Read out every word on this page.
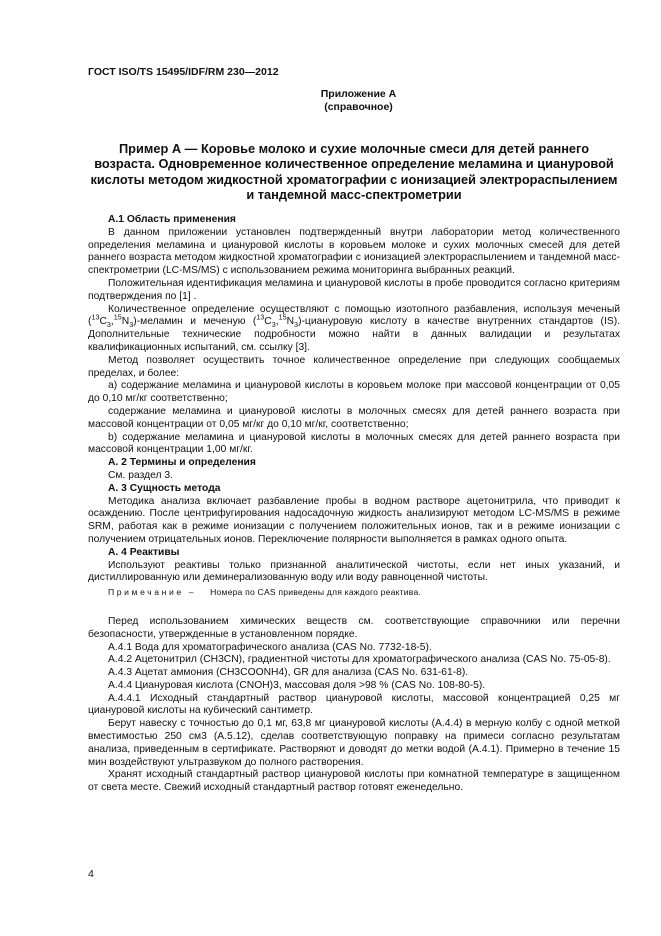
ГОСТ ISO/TS 15495/IDF/RM 230—2012
Приложение А
(справочное)
Пример А — Коровье молоко и сухие молочные смеси для детей раннего возраста. Одновременное количественное определение меламина и циануровой кислоты методом жидкостной хроматографии с ионизацией электрораспылением и тандемной масс-спектрометрии

А.1 Область применения

В данном приложении установлен подтвержденный внутри лаборатории метод количественного определения меламина и циануровой кислоты в коровьем молоке и сухих молочных смесей для детей раннего возраста методом жидкостной хроматографии с ионизацией электрораспылением и тандемной масс-спектрометрии (LC-MS/MS) с использованием режима мониторинга выбранных реакций.

Положительная идентификация меламина и циануровой кислоты в пробе проводится согласно критериям подтверждения по [1] .

Количественное определение осуществляют с помощью изотопного разбавления, используя меченый $(^{13}C_3,^{15}N_3)$-меламин и меченую $(^{13}C_3,^{15}N_3)$-циануровую кислоту в качестве внутренних стандартов (IS). Дополнительные технические подробности можно найти в данных валидации и результатах квалификационных испытаний, см. ссылку [3].

Метод позволяет осуществить точное количественное определение при следующих сообщаемых пределах, и более:

а) содержание меламина и циануровой кислоты в коровьем молоке при массовой концентрации от 0,05 до 0,10 мг/кг соответственно;

содержание меламина и циануровой кислоты в молочных смесях для детей раннего возраста при массовой концентрации от 0,05 мг/кг до 0,10 мг/кг, соответственно;

b) содержание меламина и циануровой кислоты в молочных смесях для детей раннего возраста при массовой концентрации 1,00 мг/кг.

А. 2 Термины и определения

См. раздел 3.

А. 3 Сущность метода

Методика анализа включает разбавление пробы в водном растворе ацетонитрила, что приводит к осаждению. После центрифугирования надосадочную жидкость анализируют методом LC-MS/MS в режиме SRM, работая как в режиме ионизации с получением положительных ионов, так и в режиме ионизации с получением отрицательных ионов. Переключение полярности выполняется в рамках одного опыта.

А. 4 Реактивы

Используют реактивы только признанной аналитической чистоты, если нет иных указаний, и дистиллированную или деминерализованную воду или воду равноценной чистоты.

Примечание – Номера по CAS приведены для каждого реактива.

Перед использованием химических веществ см. соответствующие справочники или перечни безопасности, утвержденные в установленном порядке.

А.4.1 Вода для хроматографического анализа (CAS No. 7732-18-5).

А.4.2 Ацетонитрил (CH3CN), градиентной чистоты для хроматографического анализа (CAS No. 75-05-8).

А.4.3 Ацетат аммония (CH3COONH4), GR для анализа (CAS No. 631-61-8).

А.4.4 Циануровая кислота (CNOH)3, массовая доля >98 % (CAS No. 108-80-5).

А.4.4.1 Исходный стандартный раствор циануровой кислоты, массовой концентрацией 0,25 мг циануровой кислоты на кубический сантиметр.

Берут навеску с точностью до 0,1 мг, 63,8 мг циануровой кислоты (А.4.4) в мерную колбу с одной меткой вместимостью 250 см3 (А.5.12), сделав соответствующую поправку на примеси согласно результатам анализа, приведенным в сертификате. Растворяют и доводят до метки водой (А.4.1). Примерно в течение 15 мин воздействуют ультразвуком до полного растворения.

Хранят исходный стандартный раствор циануровой кислоты при комнатной температуре в защищенном от света месте. Свежий исходный стандартный раствор готовят еженедельно.

4
